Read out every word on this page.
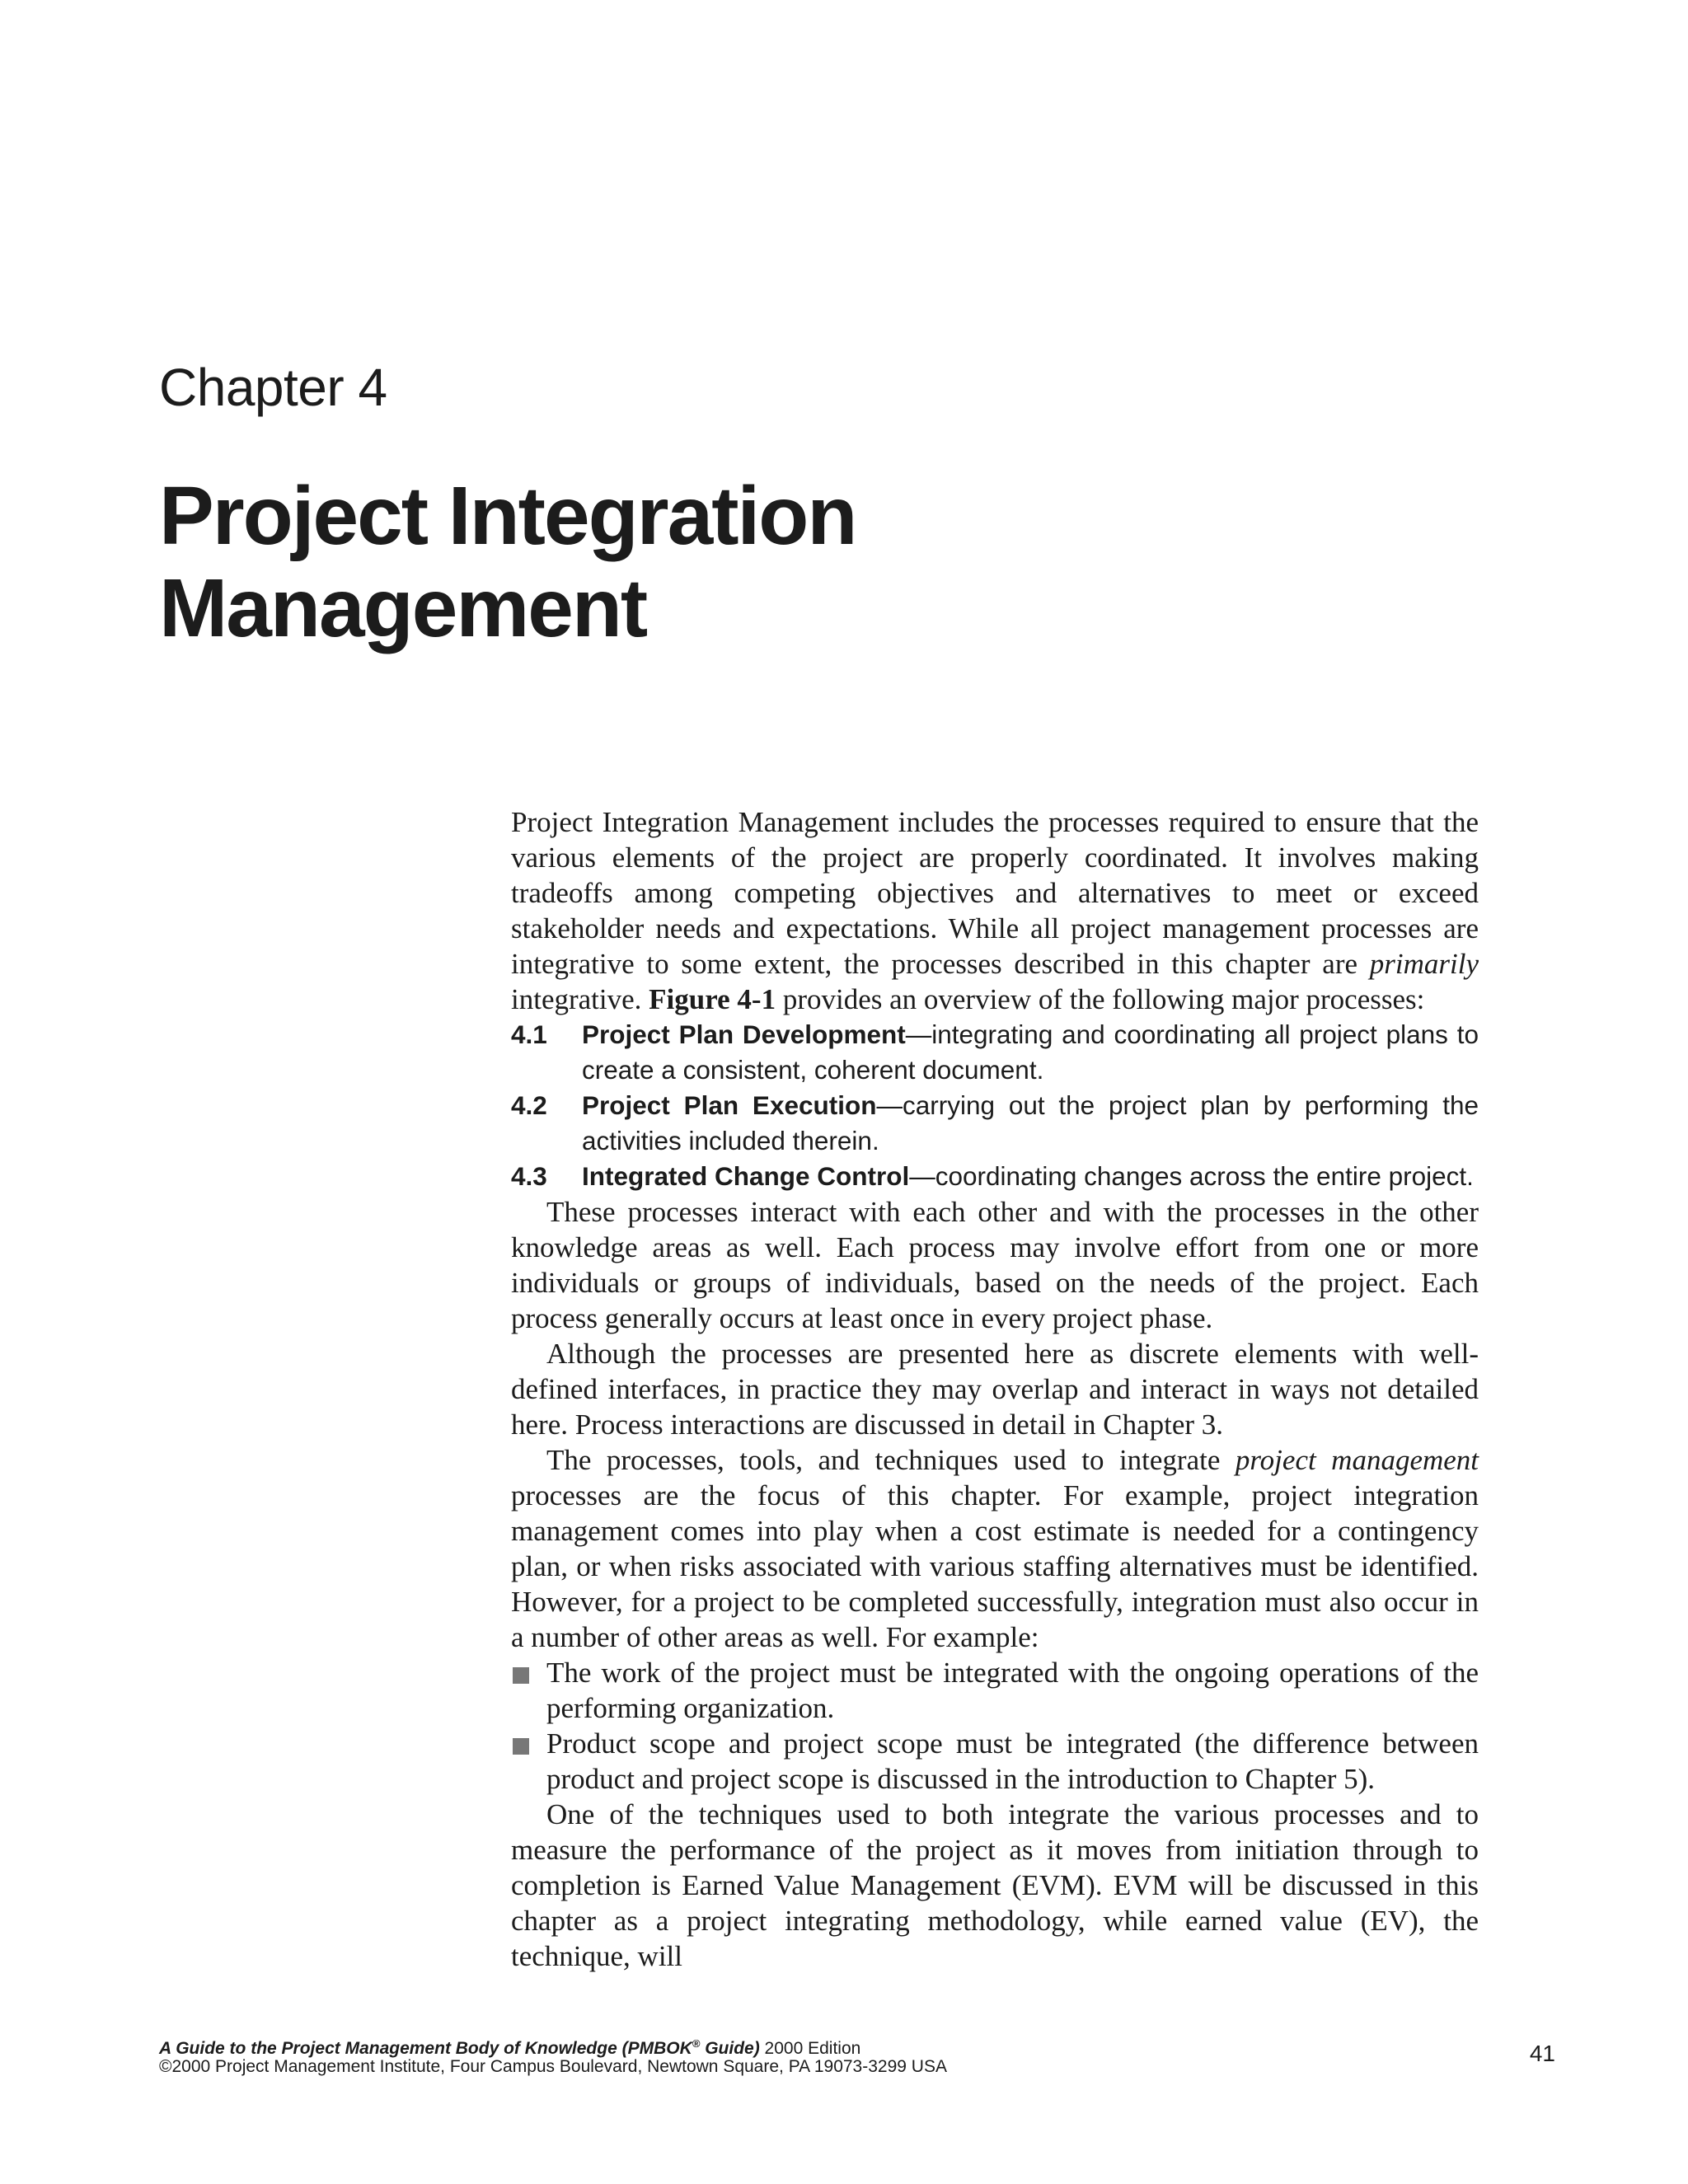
Chapter 4
Project Integration Management

Project Integration Management includes the processes required to ensure that the various elements of the project are properly coordinated. It involves making tradeoffs among competing objectives and alternatives to meet or exceed stakeholder needs and expectations. While all project management processes are integrative to some extent, the processes described in this chapter are primarily integrative. Figure 4-1 provides an overview of the following major processes:

4.1 Project Plan Development—integrating and coordinating all project plans to create a consistent, coherent document.
4.2 Project Plan Execution—carrying out the project plan by performing the activities included therein.
4.3 Integrated Change Control—coordinating changes across the entire project.

These processes interact with each other and with the processes in the other knowledge areas as well. Each process may involve effort from one or more individuals or groups of individuals, based on the needs of the project. Each process generally occurs at least once in every project phase.

Although the processes are presented here as discrete elements with well-defined interfaces, in practice they may overlap and interact in ways not detailed here. Process interactions are discussed in detail in Chapter 3.

The processes, tools, and techniques used to integrate project management processes are the focus of this chapter. For example, project integration management comes into play when a cost estimate is needed for a contingency plan, or when risks associated with various staffing alternatives must be identified. However, for a project to be completed successfully, integration must also occur in a number of other areas as well. For example:

The work of the project must be integrated with the ongoing operations of the performing organization.
Product scope and project scope must be integrated (the difference between product and project scope is discussed in the introduction to Chapter 5).

One of the techniques used to both integrate the various processes and to measure the performance of the project as it moves from initiation through to completion is Earned Value Management (EVM). EVM will be discussed in this chapter as a project integrating methodology, while earned value (EV), the technique, will

A Guide to the Project Management Body of Knowledge (PMBOK® Guide) 2000 Edition

©2000 Project Management Institute, Four Campus Boulevard, Newtown Square, PA 19073-3299 USA

41
